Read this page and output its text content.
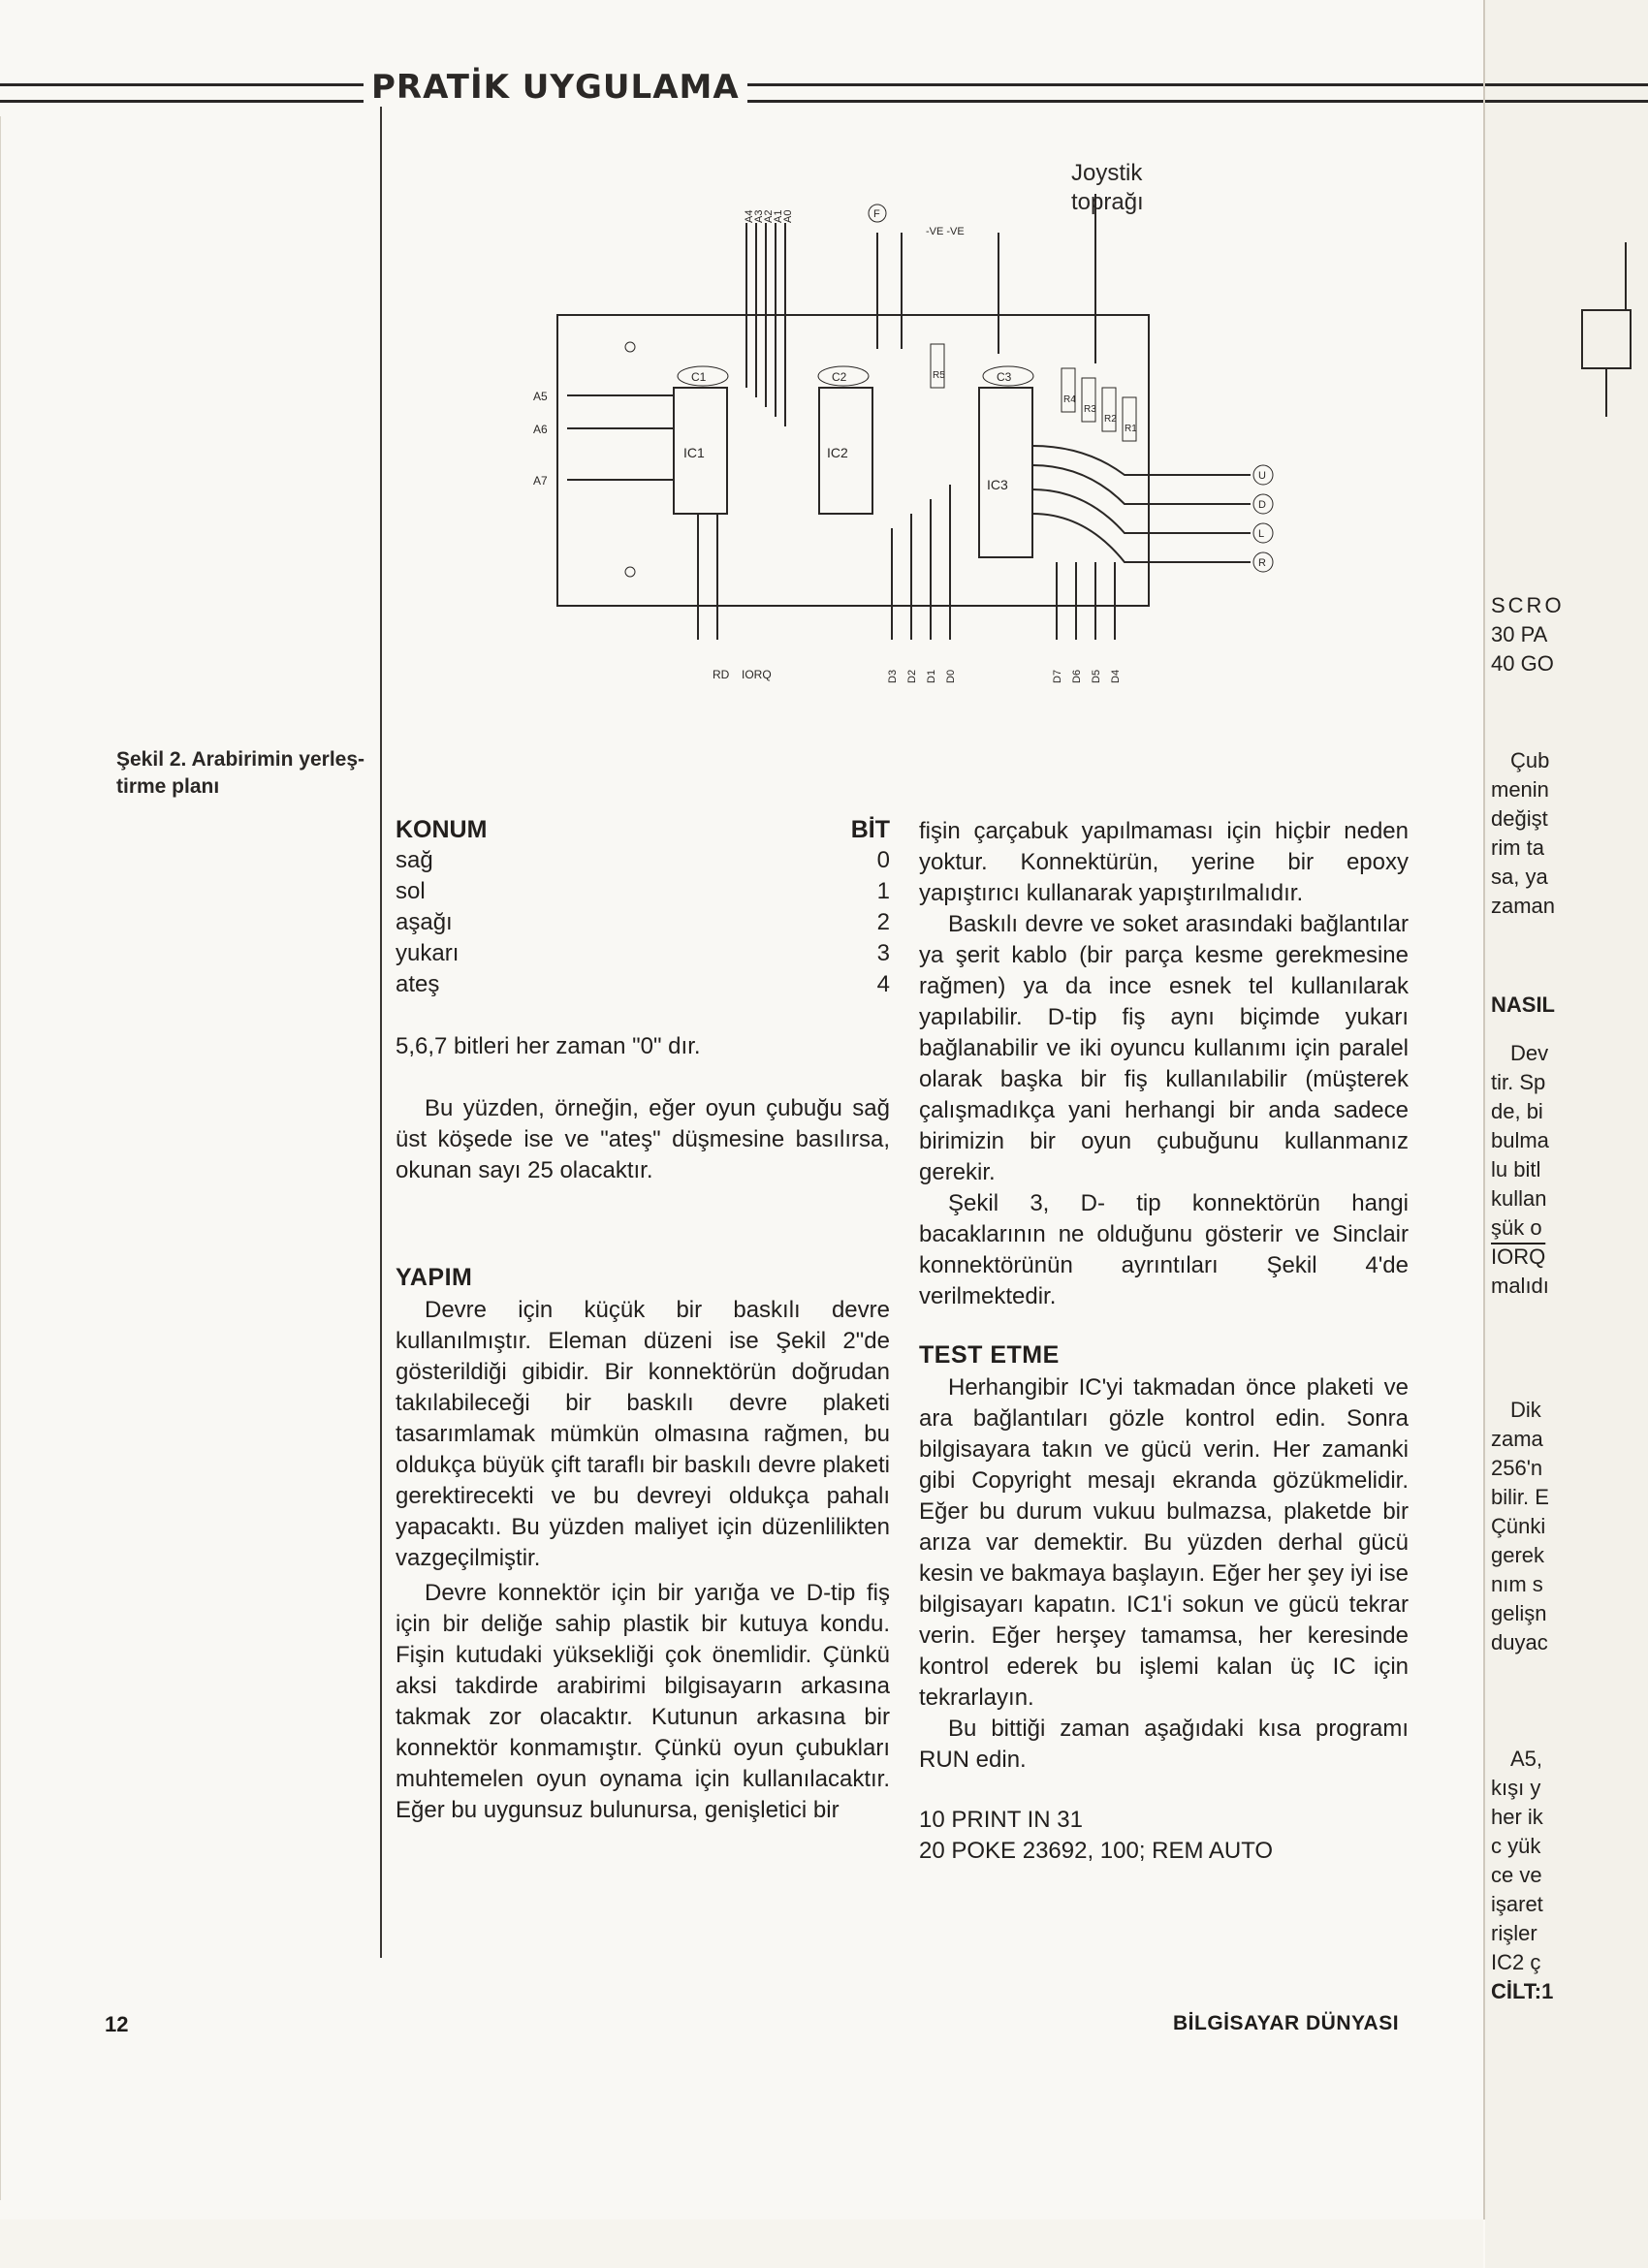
PRATİK UYGULAMA
Şekil 2. Arabirimin yerleş-
tirme planı
IC1	IC2
IC3
C1	C2	C3
R5
R4
R3
R2
R1
Joystik
toprağı
A4
A3
A2
A1
A0	F
-VE -VE
A5
A6
A7	U
D
L
R
RD IORQ	D3 D2 D1 D0	D7 D6 D5 D4
KONUM	BİT
sağ	0
sol	1
aşağı	2
yukarı	3
ateş	4

5,6,7 bitleri her zaman "0" dır.

Bu yüzden, örneğin, eğer oyun çubuğu sağ üst köşede ise ve "ateş" düşmesine basılırsa, okunan sayı 25 olacaktır.

YAPIM

Devre için küçük bir baskılı devre kullanılmıştır. Eleman düzeni ise Şekil 2"de gösterildiği gibidir. Bir konnektörün doğrudan takılabileceği bir baskılı devre plaketi tasarımlamak mümkün olmasına rağmen, bu oldukça büyük çift taraflı bir baskılı devre plaketi gerektirecekti ve bu devreyi oldukça pahalı yapacaktı. Bu yüzden maliyet için düzenlilikten vazgeçilmiştir.

Devre konnektör için bir yarığa ve D-tip fiş için bir deliğe sahip plastik bir kutuya kondu. Fişin kutudaki yüksekliği çok önemlidir. Çünkü aksi takdirde arabirimi bilgisayarın arkasına takmak zor olacaktır. Kutunun arkasına bir konnektör konmamıştır. Çünkü oyun çubukları muhtemelen oyun oynama için kullanılacaktır. Eğer bu uygunsuz bulunursa, genişletici bir

fişin çarçabuk yapılmaması için hiçbir neden yoktur. Konnektürün, yerine bir epoxy yapıştırıcı kullanarak yapıştırılmalıdır.

Baskılı devre ve soket arasındaki bağlantılar ya şerit kablo (bir parça kesme gerekmesine rağmen) ya da ince esnek tel kullanılarak yapılabilir. D-tip fiş aynı biçimde yukarı bağlanabilir ve iki oyuncu kullanımı için paralel olarak başka bir fiş kullanılabilir (müşterek çalışmadıkça yani herhangi bir anda sadece birimizin bir oyun çubuğunu kullanmanız gerekir.

Şekil 3, D- tip konnektörün hangi bacaklarının ne olduğunu gösterir ve Sinclair konnektörünün ayrıntıları Şekil 4'de verilmektedir.

TEST ETME

Herhangibir IC'yi takmadan önce plaketi ve ara bağlantıları gözle kontrol edin. Sonra bilgisayara takın ve gücü verin. Her zamanki gibi Copyright mesajı ekranda gözükmelidir. Eğer bu durum vukuu bulmazsa, plaketde bir arıza var demektir. Bu yüzden derhal gücü kesin ve bakmaya başlayın. Eğer her şey iyi ise bilgisayarı kapatın. IC1'i sokun ve gücü tekrar verin. Eğer herşey tamamsa, her keresinde kontrol ederek bu işlemi kalan üç IC için tekrarlayın.

Bu bittiği zaman aşağıdaki kısa programı RUN edin.

10 PRINT IN 31

20 POKE 23692, 100; REM AUTO

12	BİLGİSAYAR DÜNYASI
SCRO
30 PA
40 GO
Çub
menin
değişt
rim ta
sa, ya
zaman
NASIL
Dev
tir. Sp
de, bi
bulma
lu bitl
kullan
şük o
IORQ
malıdı
Dik
zama
256'n
bilir. E
Çünki
gerek
nım s
gelişn
duyac
A5,
kışı y
her ik
c yük
ce ve
işaret
rişler
IC2 ç
CİLT:1
